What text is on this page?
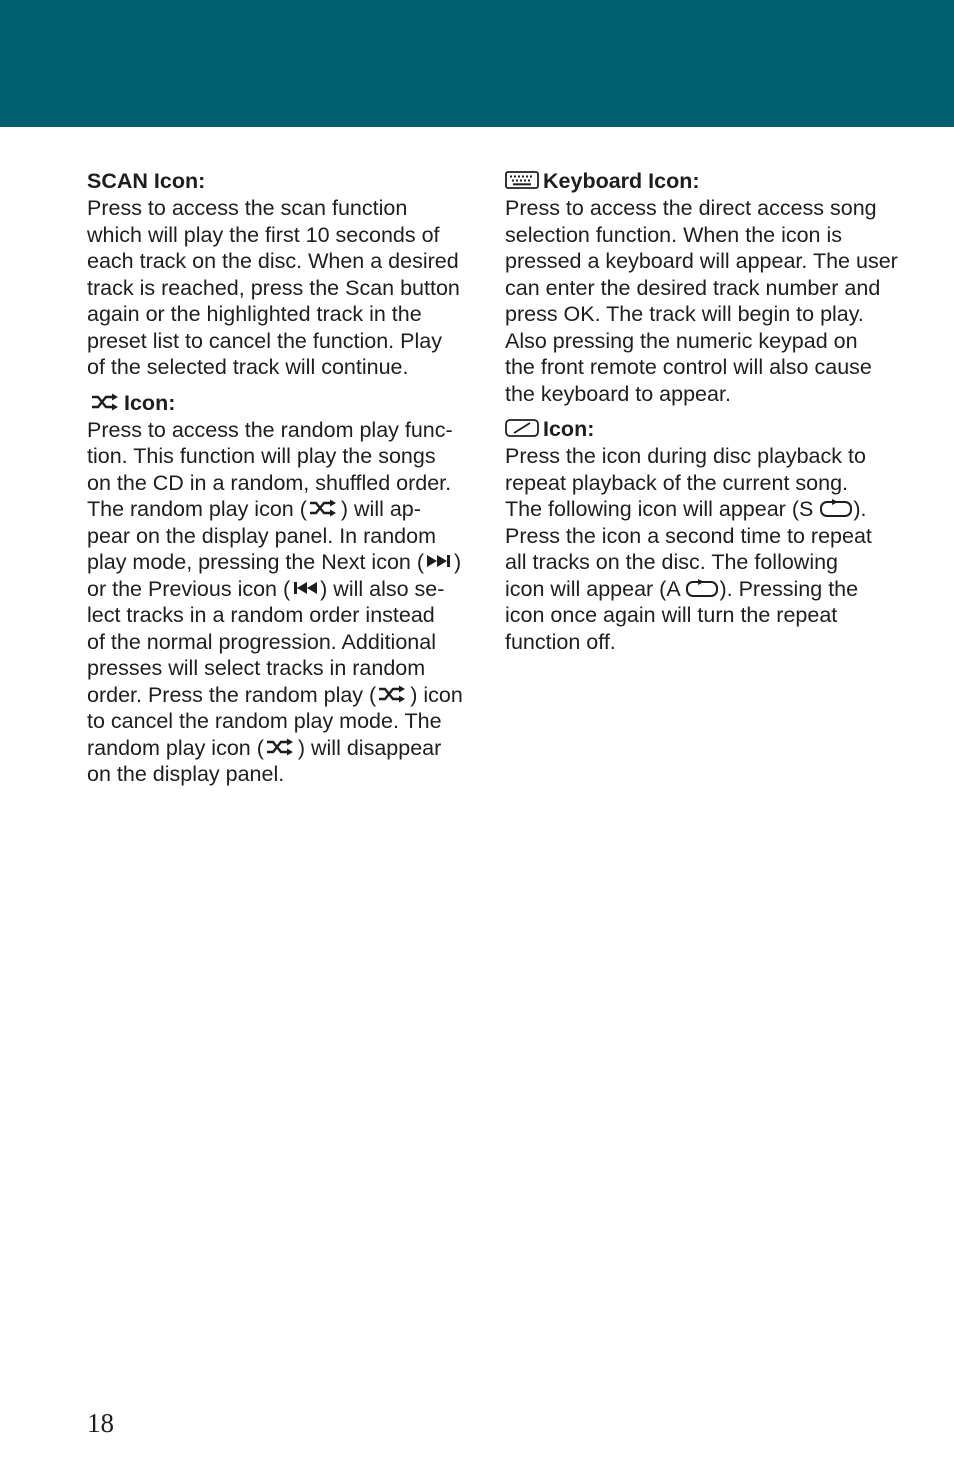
SCAN Icon:
Press to access the scan function
which will play the first 10 seconds of
each track on the disc. When a desired
track is reached, press the Scan button
again or the highlighted track in the
preset list to cancel the function. Play
of the selected track will continue.
Icon:
Press to access the random play func-
tion. This function will play the songs
on the CD in a random, shuffled order.
The random play icon ( ) will ap-
pear on the display panel. In random
play mode, pressing the Next icon ( )
or the Previous icon ( ) will also se-
lect tracks in a random order instead
of the normal progression. Additional
presses will select tracks in random
order. Press the random play ( ) icon
to cancel the random play mode. The
random play icon ( ) will disappear
on the display panel.
Keyboard Icon:
Press to access the direct access song
selection function. When the icon is
pressed a keyboard will appear. The user
can enter the desired track number and
press OK. The track will begin to play.
Also pressing the numeric keypad on
the front remote control will also cause
the keyboard to appear.
Icon:
Press the icon during disc playback to
repeat playback of the current song.
The following icon will appear (S ).
Press the icon a second time to repeat
all tracks on the disc. The following
icon will appear (A ). Pressing the
icon once again will turn the repeat
function off.
18
